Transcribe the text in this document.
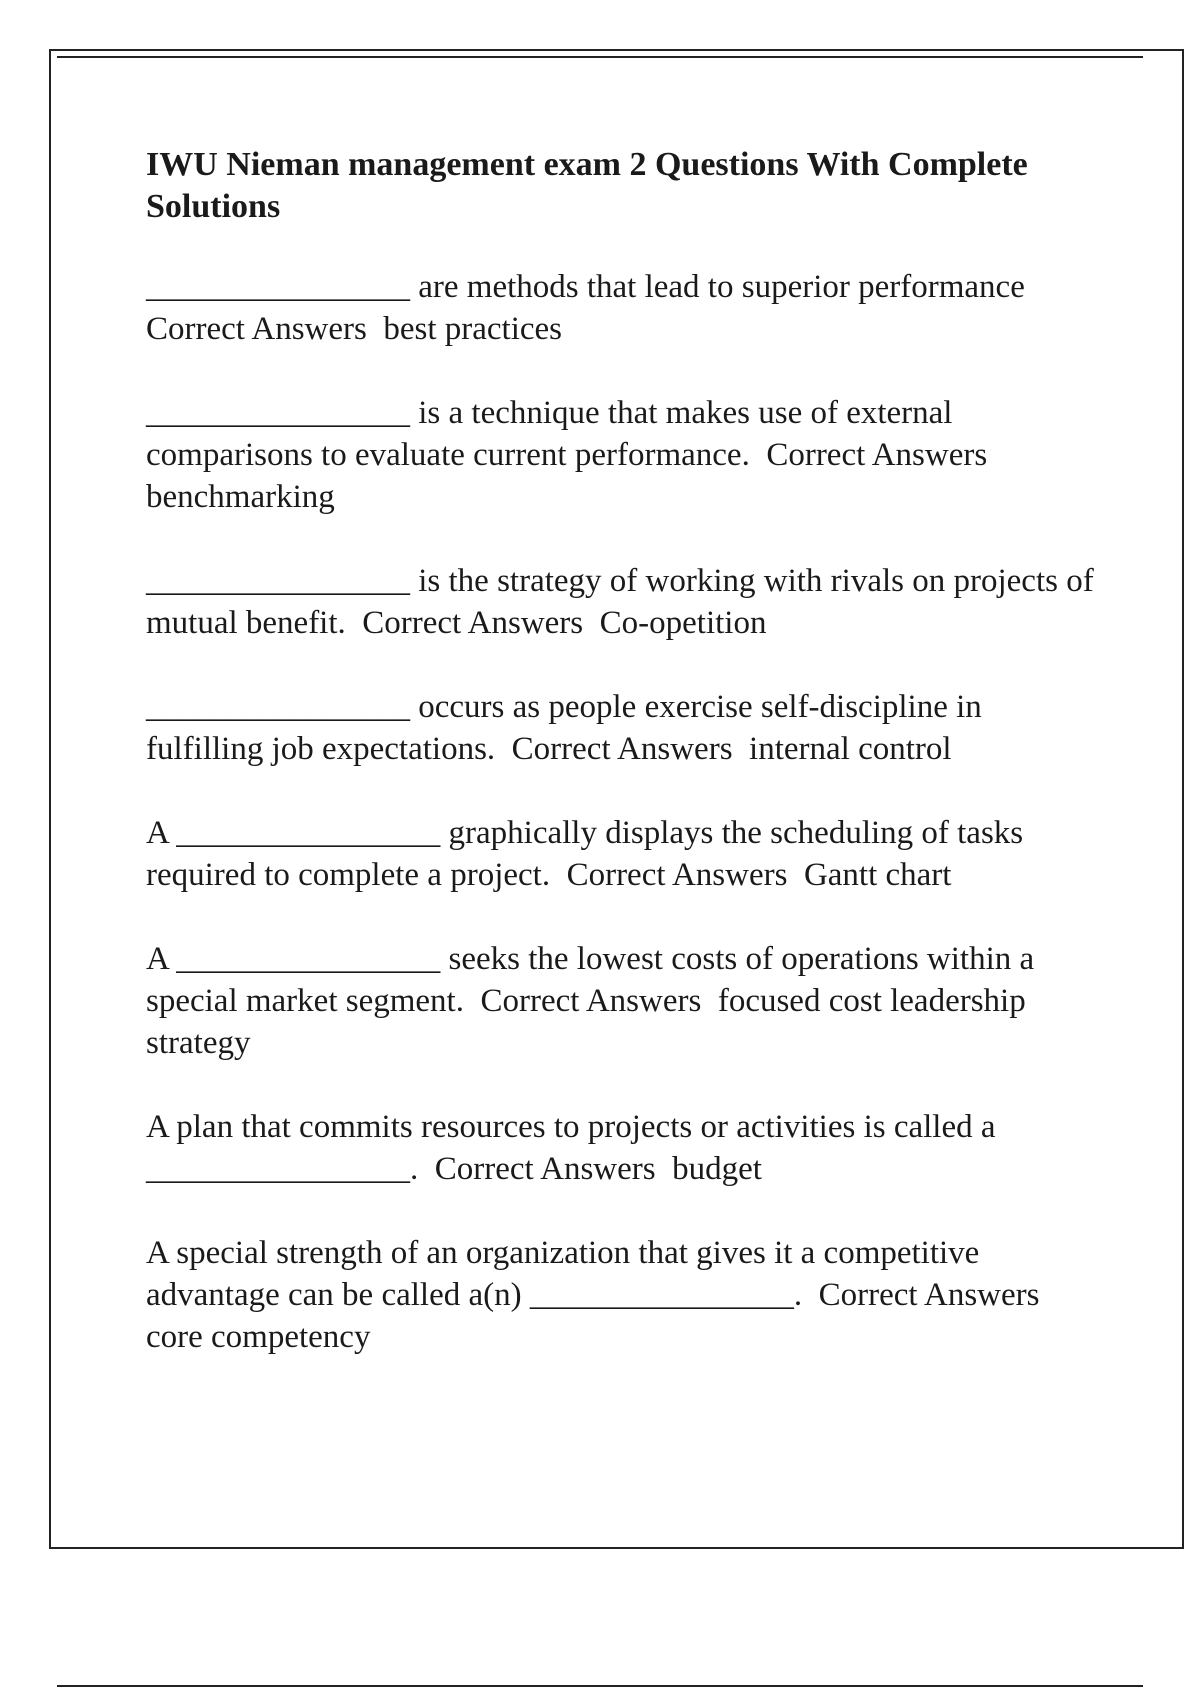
IWU Nieman management exam 2 Questions With Complete Solutions

________________ are methods that lead to superior performance  Correct Answers  best practices

________________ is a technique that makes use of external comparisons to evaluate current performance.  Correct Answers  benchmarking

________________ is the strategy of working with rivals on projects of mutual benefit.  Correct Answers  Co-opetition

________________ occurs as people exercise self-discipline in fulfilling job expectations.  Correct Answers  internal control

A ________________ graphically displays the scheduling of tasks required to complete a project.  Correct Answers  Gantt chart

A ________________ seeks the lowest costs of operations within a special market segment.  Correct Answers  focused cost leadership strategy

A plan that commits resources to projects or activities is called a ________________.  Correct Answers  budget

A special strength of an organization that gives it a competitive advantage can be called a(n) ________________.  Correct Answers  core competency
